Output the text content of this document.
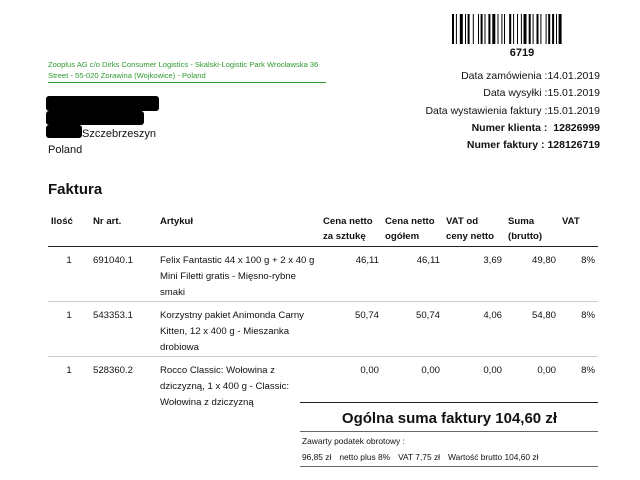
6719
Zooplus AG c/o Dirks Consumer Logistics - Skalski-Logistic Park Wrocławska 36 Street - 55-020 Żorawina (Wojkowice) - Poland
Szczebrzeszyn
Poland
Data zamówienia :14.01.2019
Data wysyłki :15.01.2019
Data wystawienia faktury :15.01.2019
Numer klienta : 12826999
Numer faktury : 128126719
Faktura
Ilość	Nr art.	Artykuł	Cena netto za sztukę	Cena netto ogółem	VAT od ceny netto	Suma (brutto)	VAT
1	691040.1	Felix Fantastic 44 x 100 g + 2 x 40 g Mini Filetti gratis - Mięsno-rybne smaki	46,11	46,11	3,69	49,80	8%
1	543353.1	Korzystny pakiet Animonda Carny Kitten, 12 x 400 g - Mieszanka drobiowa	50,74	50,74	4,06	54,80	8%
1	528360.2	Rocco Classic: Wołowina z dziczyzną, 1 x 400 g - Classic: Wołowina z dziczyzną	0,00	0,00	0,00	0,00	8%
Ogólna suma faktury 104,60 zł
Zawarty podatek obrotowy :
96,85 zł netto plus 8% VAT 7,75 zł Wartość brutto 104,60 zł
